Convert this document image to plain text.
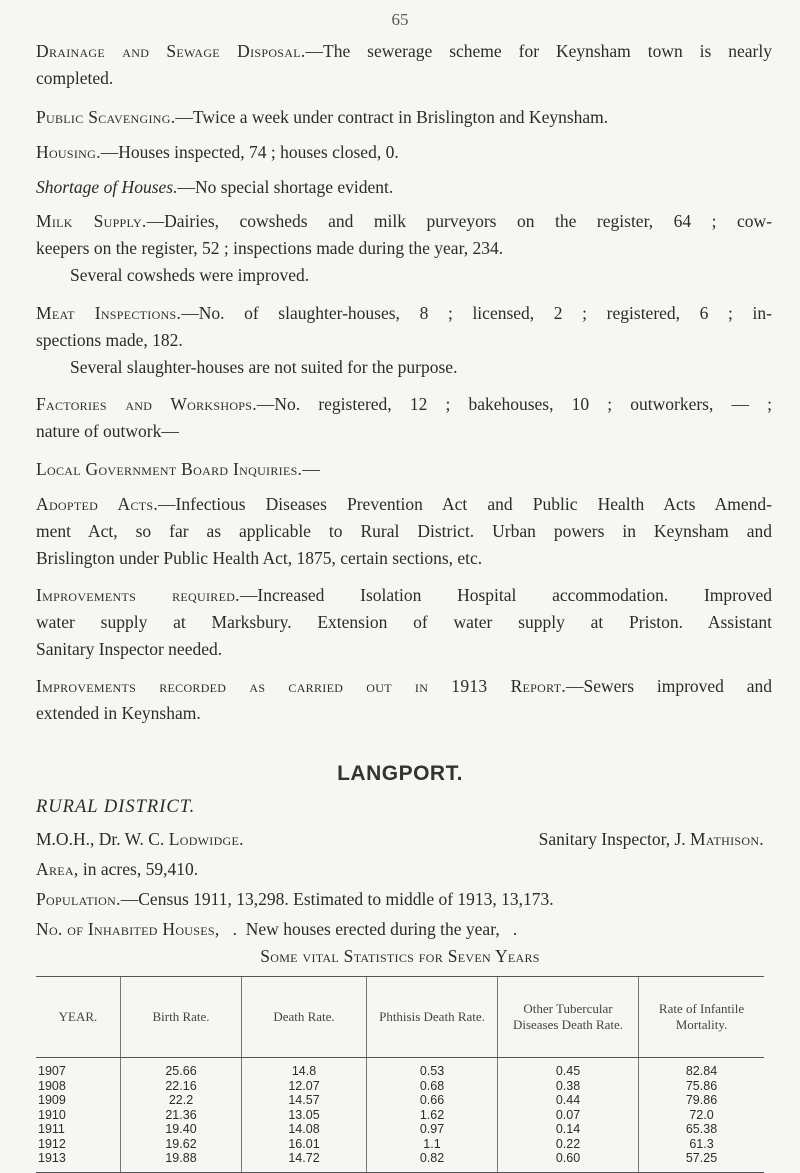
65
Drainage and Sewage Disposal.—The sewerage scheme for Keynsham town is nearly
completed.
Public Scavenging.—Twice a week under contract in Brislington and Keynsham.
Housing.—Houses inspected, 74 ; houses closed, 0.
Shortage of Houses.—No special shortage evident.
Milk Supply.—Dairies, cowsheds and milk purveyors on the register, 64 ; cow-
keepers on the register, 52 ; inspections made during the year, 234.
Several cowsheds were improved.
Meat Inspections.—No. of slaughter-houses, 8 ; licensed, 2 ; registered, 6 ; in-
spections made, 182.
Several slaughter-houses are not suited for the purpose.
Factories and Workshops.—No. registered, 12 ; bakehouses, 10 ; outworkers, — ;
nature of outwork—
Local Government Board Inquiries.—
Adopted Acts.—Infectious Diseases Prevention Act and Public Health Acts Amend-
ment Act, so far as applicable to Rural District. Urban powers in Keynsham and
Brislington under Public Health Act, 1875, certain sections, etc.
Improvements required.—Increased Isolation Hospital accommodation. Improved
water supply at Marksbury. Extension of water supply at Priston. Assistant
Sanitary Inspector needed.
Improvements recorded as carried out in 1913 Report.—Sewers improved and
extended in Keynsham.
LANGPORT.
RURAL DISTRICT.
M.O.H., Dr. W. C. Lodwidge.	Sanitary Inspector, J. Mathison.
Area, in acres, 59,410.
Population. —Census 1911, 13,298. Estimated to middle of 1913, 13,173.
No. of Inhabited Houses, .  New houses erected during the year,   .
Some vital Statistics for Seven Years
YEAR.	Birth Rate.	Death Rate.	Phthisis Death Rate.	Other Tubercular Diseases Death Rate.	Rate of Infantile Mortality.
1907	25.66	14.8	0.53	0.45	82.84
1908	22.16	12.07	0.68	0.38	75.86
1909	22.2	14.57	0.66	0.44	79.86
1910	21.36	13.05	1.62	0.07	72.0
1911	19.40	14.08	0.97	0.14	65.38
1912	19.62	16.01	1.1	0.22	61.3
1913	19.88	14.72	0.82	0.60	57.25
